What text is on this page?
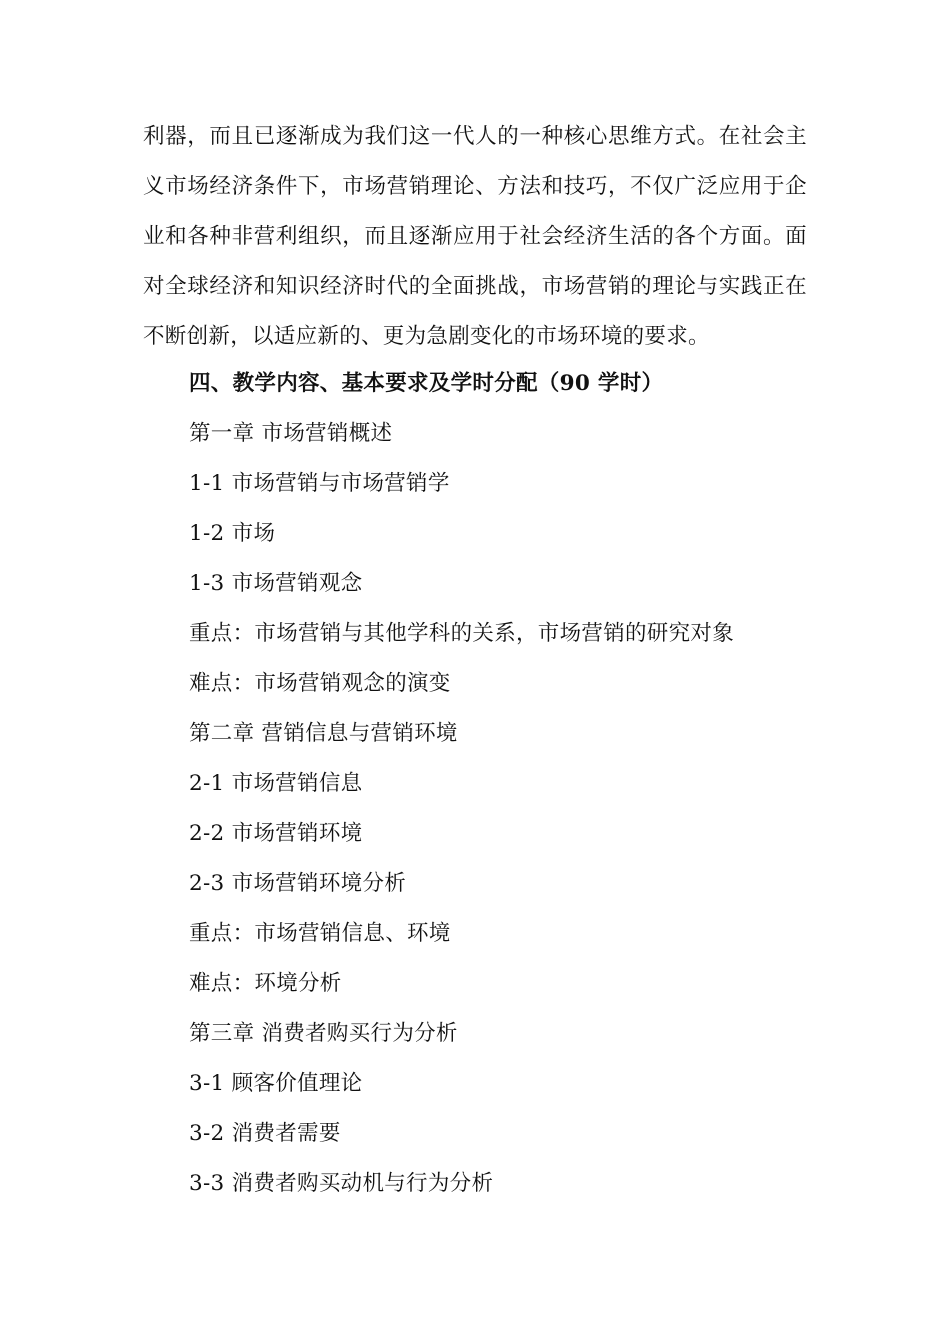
利器，而且已逐渐成为我们这一代人的一种核心思维方式。在社会主
义市场经济条件下，市场营销理论、方法和技巧，不仅广泛应用于企
业和各种非营利组织，而且逐渐应用于社会经济生活的各个方面。面
对全球经济和知识经济时代的全面挑战，市场营销的理论与实践正在
不断创新，以适应新的、更为急剧变化的市场环境的要求。

四、教学内容、基本要求及学时分配（90 学时）
第一章 市场营销概述
1-1 市场营销与市场营销学
1-2 市场
1-3 市场营销观念
重点：市场营销与其他学科的关系，市场营销的研究对象
难点：市场营销观念的演变
第二章 营销信息与营销环境
2-1 市场营销信息
2-2 市场营销环境
2-3 市场营销环境分析
重点：市场营销信息、环境
难点：环境分析
第三章 消费者购买行为分析
3-1 顾客价值理论
3-2 消费者需要
3-3 消费者购买动机与行为分析
